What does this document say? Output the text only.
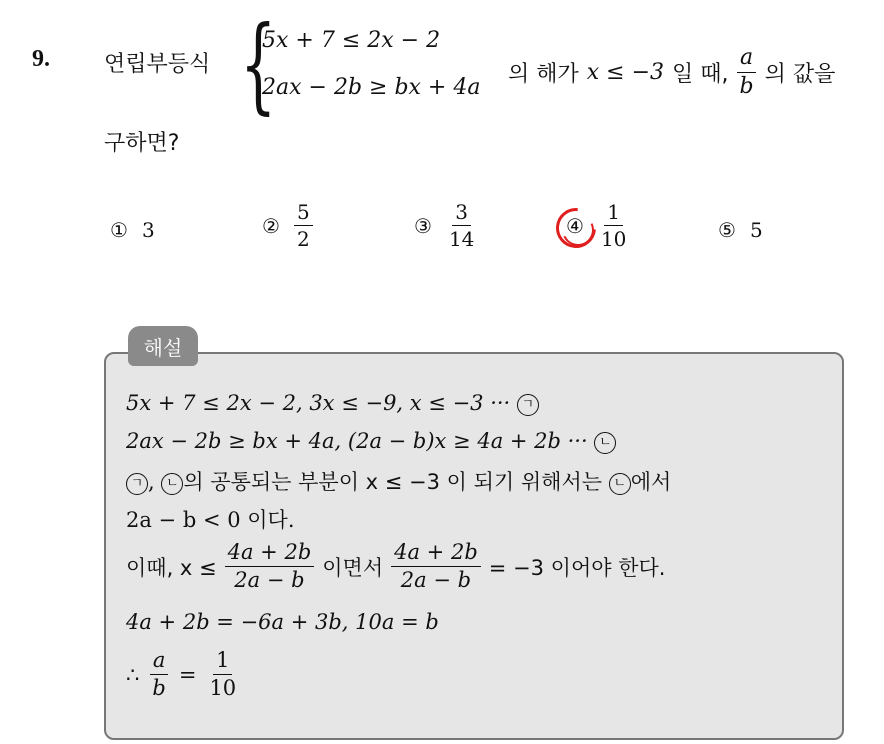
9. 연립부등식 {
5x + 7 ≤ 2x − 2
2ax − 2b ≥ bx + 4a
의 해가 x ≤ −3 일 때, $\frac{a}{b}$ 의 값을
구하면?
① 3	② $\frac{5}{2}$	③ $\frac{3}{14}$	④ $\frac{1}{10}$	⑤ 5
해설
5x + 7 ≤ 2x − 2, 3x ≤ −9, x ≤ −3 ··· ㄱ
2ax − 2b ≥ bx + 4a, (2a − b)x ≥ 4a + 2b ··· ㄴ
ㄱ , ㄴ 의 공통되는 부분이 x ≤ −3 이 되기 위해서는 ㄴ 에서
2a − b < 0 이다.
이때, $x \le \frac{4a + 2b}{2a - b}$ 이면서 $\frac{4a + 2b}{2a - b} = -3$ 이어야 한다.
4a + 2b = −6a + 3b, 10a = b
∴ $\frac{a}{b} = \frac{1}{10}$
